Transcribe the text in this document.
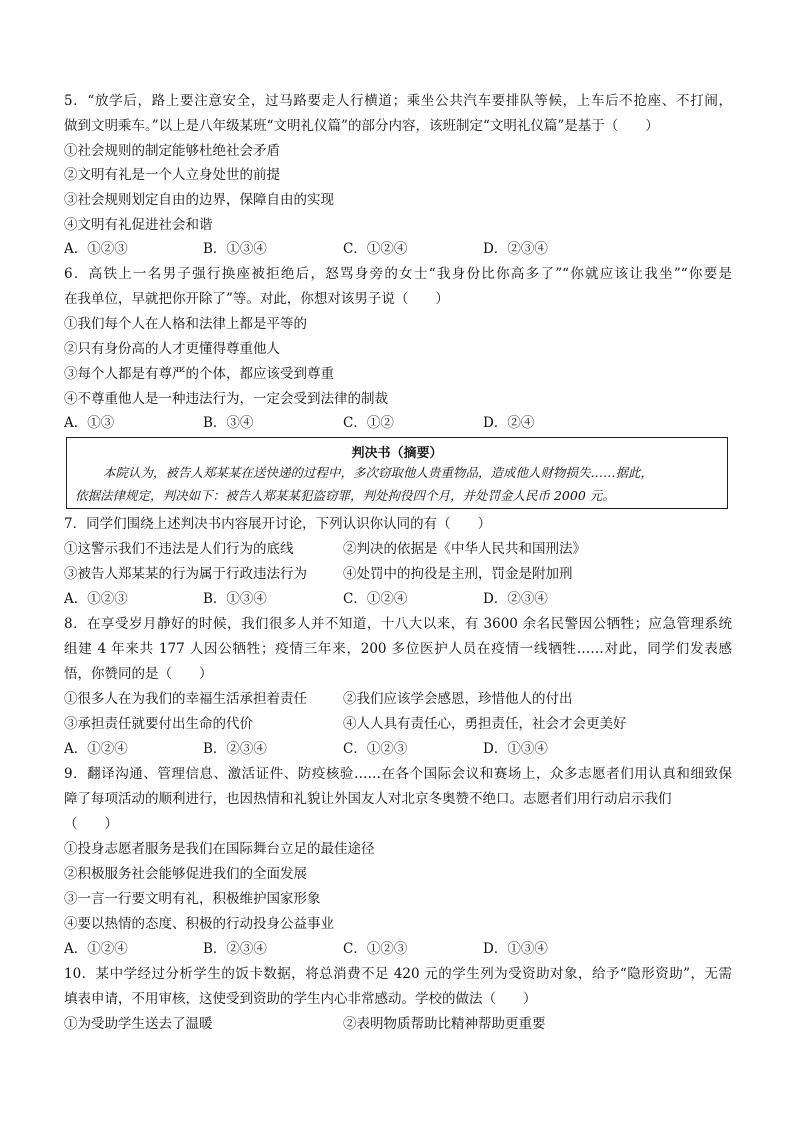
5．“放学后，路上要注意安全，过马路要走人行横道；乘坐公共汽车要排队等候，上车后不抢座、不打闹，
做到文明乘车。”以上是八年级某班“文明礼仪篇”的部分内容，该班制定“文明礼仪篇”是基于（　　）
①社会规则的制定能够杜绝社会矛盾
②文明有礼是一个人立身处世的前提
③社会规则划定自由的边界，保障自由的实现
④文明有礼促进社会和谐
A．①②③	B．①③④	C．①②④	D．②③④
6．高铁上一名男子强行换座被拒绝后，怒骂身旁的女士“我身份比你高多了”“你就应该让我坐”“你要是
在我单位，早就把你开除了”等。对此，你想对该男子说（　　）
①我们每个人在人格和法律上都是平等的
②只有身份高的人才更懂得尊重他人
③每个人都是有尊严的个体，都应该受到尊重
④不尊重他人是一种违法行为，一定会受到法律的制裁
A．①③	B．③④	C．①②	D．②④
判决书（摘要）
本院认为，被告人郑某某在送快递的过程中，多次窃取他人贵重物品，造成他人财物损失……据此，
依据法律规定，判决如下：被告人郑某某犯盗窃罪，判处拘役四个月，并处罚金人民币 2000 元。
7．同学们围绕上述判决书内容展开讨论，下列认识你认同的有（　　）
①这警示我们不违法是人们行为的底线	②判决的依据是《中华人民共和国刑法》
③被告人郑某某的行为属于行政违法行为	④处罚中的拘役是主刑，罚金是附加刑
A．①②③	B．①③④	C．①②④	D．②③④
8．在享受岁月静好的时候，我们很多人并不知道，十八大以来，有 3600 余名民警因公牺牲；应急管理系统
组建 4 年来共 177 人因公牺牲；疫情三年来，200 多位医护人员在疫情一线牺牲……对此，同学们发表感
悟，你赞同的是（　　）
①很多人在为我们的幸福生活承担着责任	②我们应该学会感恩，珍惜他人的付出
③承担责任就要付出生命的代价	④人人具有责任心，勇担责任，社会才会更美好
A．①②④	B．②③④	C．①②③	D．①③④
9．翻译沟通、管理信息、激活证件、防疫核验……在各个国际会议和赛场上，众多志愿者们用认真和细致保
障了每项活动的顺利进行，也因热情和礼貌让外国友人对北京冬奥赞不绝口。志愿者们用行动启示我们
（　　）
①投身志愿者服务是我们在国际舞台立足的最佳途径
②积极服务社会能够促进我们的全面发展
③一言一行要文明有礼，积极维护国家形象
④要以热情的态度、积极的行动投身公益事业
A．①②④	B．②③④	C．①②③	D．①③④
10．某中学经过分析学生的饭卡数据，将总消费不足 420 元的学生列为受资助对象，给予“隐形资助”，无需
填表申请，不用审核，这使受到资助的学生内心非常感动。学校的做法（　　）
①为受助学生送去了温暖	②表明物质帮助比精神帮助更重要
